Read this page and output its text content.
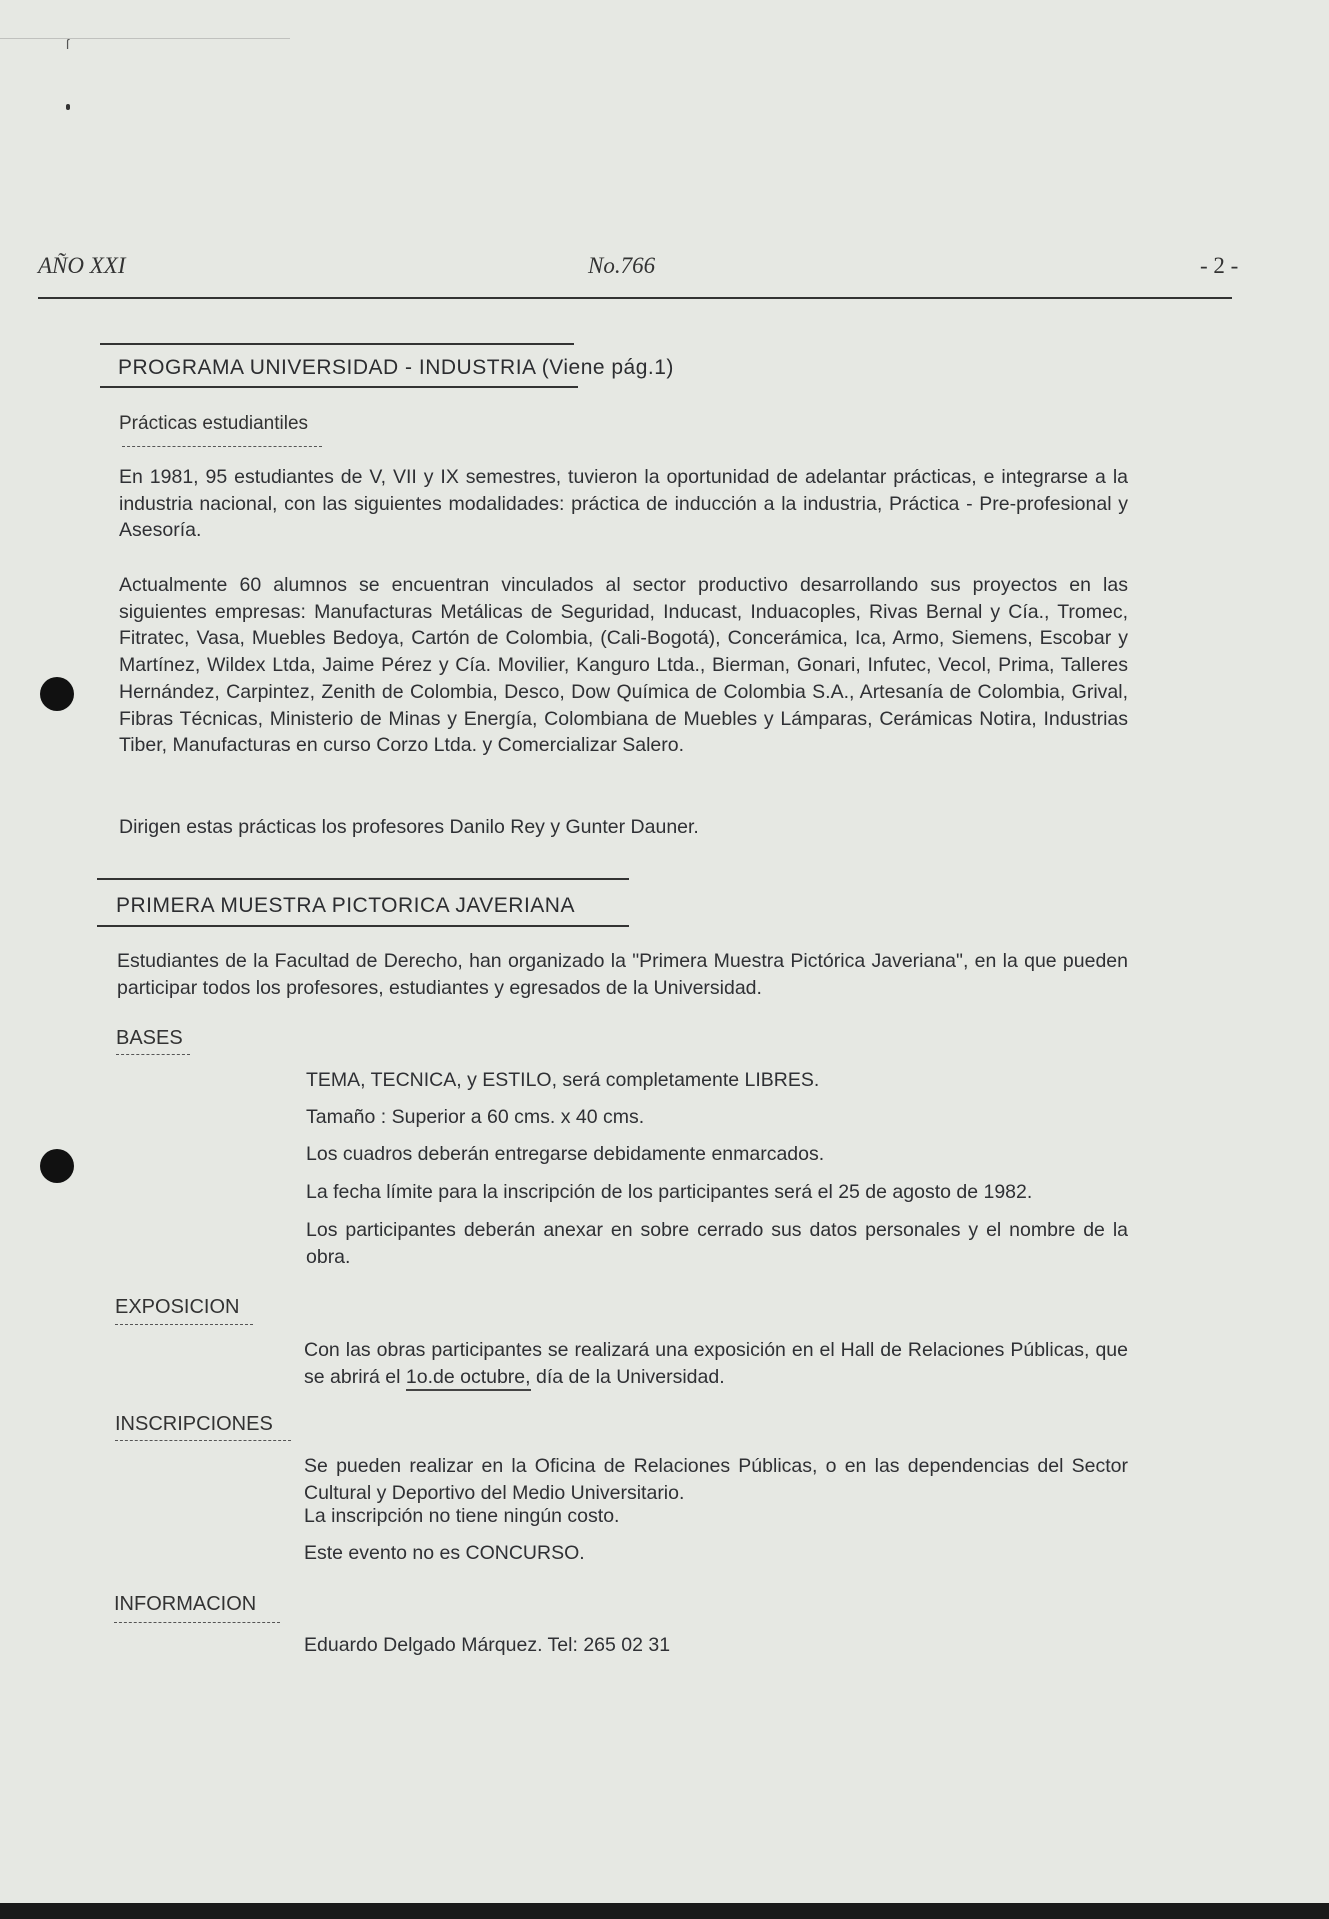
ſ
AÑO XXI	No.766	- 2 -
PROGRAMA UNIVERSIDAD - INDUSTRIA (Viene pág.1)
Prácticas estudiantiles

En 1981, 95 estudiantes de V, VII y IX semestres, tuvieron la oportunidad de adelantar prácticas, e integrarse a la industria nacional, con las siguientes modalidades: práctica de inducción a la industria, Práctica - Pre-profesional y Asesoría.

Actualmente 60 alumnos se encuentran vinculados al sector productivo desarrollando sus proyectos en las siguientes empresas: Manufacturas Metálicas de Seguridad, Inducast, Induacoples, Rivas Bernal y Cía., Tromec, Fitratec, Vasa, Muebles Bedoya, Cartón de Colombia, (Cali-Bogotá), Concerámica, Ica, Armo, Siemens, Escobar y Martínez, Wildex Ltda, Jaime Pérez y Cía. Movilier, Kanguro Ltda., Bierman, Gonari, Infutec, Vecol, Prima, Talleres Hernández, Carpintez, Zenith de Colombia, Desco, Dow Química de Colombia S.A., Artesanía de Colombia, Grival, Fibras Técnicas, Ministerio de Minas y Energía, Colombiana de Muebles y Lámparas, Cerámicas Notira, Industrias Tiber, Manufacturas en curso Corzo Ltda. y Comercializar Salero.

Dirigen estas prácticas los profesores Danilo Rey y Gunter Dauner.

PRIMERA MUESTRA PICTORICA JAVERIANA

Estudiantes de la Facultad de Derecho, han organizado la "Primera Muestra Pictórica Javeriana", en la que pueden participar todos los profesores, estudiantes y egresados de la Universidad.

BASES

TEMA, TECNICA, y ESTILO, será completamente LIBRES.

Tamaño : Superior a 60 cms. x 40 cms.

Los cuadros deberán entregarse debidamente enmarcados.

La fecha límite para la inscripción de los participantes será el 25 de agosto de 1982.

Los participantes deberán anexar en sobre cerrado sus datos personales y el nombre de la obra.

EXPOSICION

Con las obras participantes se realizará una exposición en el Hall de Relaciones Públicas, que se abrirá el 1o.de octubre, día de la Universidad.

INSCRIPCIONES

Se pueden realizar en la Oficina de Relaciones Públicas, o en las dependencias del Sector Cultural y Deportivo del Medio Universitario.

La inscripción no tiene ningún costo.

Este evento no es CONCURSO.

INFORMACION

Eduardo Delgado Márquez. Tel: 265 02 31
